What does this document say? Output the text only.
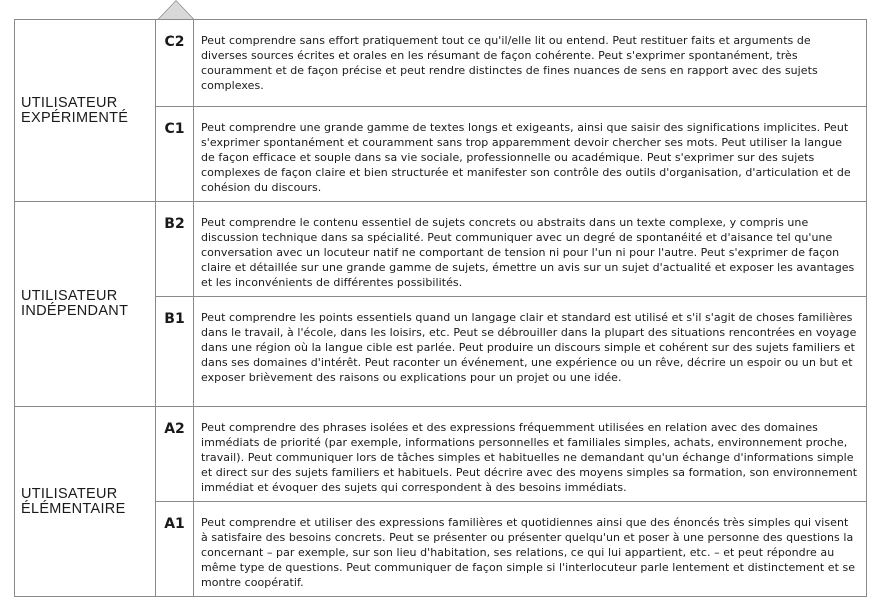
UTILISATEUR
EXPÉRIMENTÉ	C2	Peut comprendre sans effort pratiquement tout ce qu'il/elle lit ou entend. Peut restituer faits et arguments de diverses sources écrites et orales en les résumant de façon cohérente. Peut s'exprimer spontanément, très couramment et de façon précise et peut rendre distinctes de fines nuances de sens en rapport avec des sujets complexes.
	C1	Peut comprendre une grande gamme de textes longs et exigeants, ainsi que saisir des significations implicites. Peut s'exprimer spontanément et couramment sans trop apparemment devoir chercher ses mots. Peut utiliser la langue de façon efficace et souple dans sa vie sociale, professionnelle ou académique. Peut s'exprimer sur des sujets complexes de façon claire et bien structurée et manifester son contrôle des outils d'organisation, d'articulation et de cohésion du discours.

UTILISATEUR
INDÉPENDANT	B2	Peut comprendre le contenu essentiel de sujets concrets ou abstraits dans un texte complexe, y compris une discussion technique dans sa spécialité. Peut communiquer avec un degré de spontanéité et d'aisance tel qu'une conversation avec un locuteur natif ne comportant de tension ni pour l'un ni pour l'autre. Peut s'exprimer de façon claire et détaillée sur une grande gamme de sujets, émettre un avis sur un sujet d'actualité et exposer les avantages et les inconvénients de différentes possibilités.
	B1	Peut comprendre les points essentiels quand un langage clair et standard est utilisé et s'il s'agit de choses familières dans le travail, à l'école, dans les loisirs, etc. Peut se débrouiller dans la plupart des situations rencontrées en voyage dans une région où la langue cible est parlée. Peut produire un discours simple et cohérent sur des sujets familiers et dans ses domaines d'intérêt. Peut raconter un événement, une expérience ou un rêve, décrire un espoir ou un but et exposer brièvement des raisons ou explications pour un projet ou une idée.

UTILISATEUR
ÉLÉMENTAIRE	A2	Peut comprendre des phrases isolées et des expressions fréquemment utilisées en relation avec des domaines immédiats de priorité (par exemple, informations personnelles et familiales simples, achats, environnement proche, travail). Peut communiquer lors de tâches simples et habituelles ne demandant qu'un échange d'informations simple et direct sur des sujets familiers et habituels. Peut décrire avec des moyens simples sa formation, son environnement immédiat et évoquer des sujets qui correspondent à des besoins immédiats.
	A1	Peut comprendre et utiliser des expressions familières et quotidiennes ainsi que des énoncés très simples qui visent à satisfaire des besoins concrets. Peut se présenter ou présenter quelqu'un et poser à une personne des questions la concernant – par exemple, sur son lieu d'habitation, ses relations, ce qui lui appartient, etc. – et peut répondre au même type de questions. Peut communiquer de façon simple si l'interlocuteur parle lentement et distinctement et se montre coopératif.
